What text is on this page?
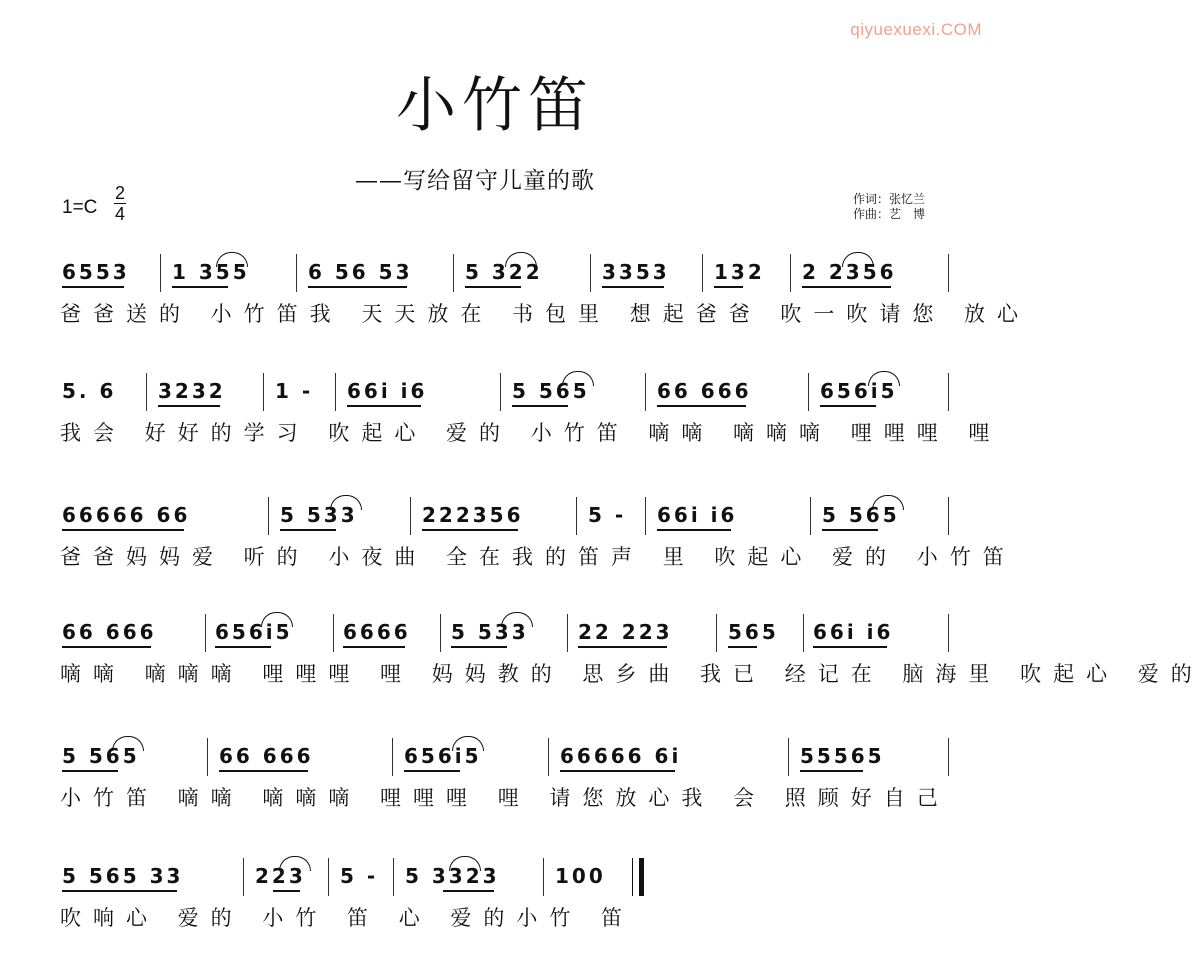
qiyuexuexi.COM
小竹笛
——写给留守儿童的歌
1=C
2
4
作词：张忆兰
作曲：艺　博
6553 1 355	6 56 53	5 322	3353 132 2 2356
爸爸送的 小竹笛我 天天放在 书包里 想起爸爸 吹一吹请您 放心
5. 6 3232 1 - 66i i6	5 565	66 666	656i5
我会 好好的学习 吹起心 爱的 小竹笛 嘀嘀 嘀嘀嘀 哩哩哩 哩
66666 66	5 533	222356	5 - 66i i6	5 565
爸爸妈妈爱 听的 小夜曲 全在我的笛声 里 吹起心 爱的 小竹笛
66 666	656i5	6666 5 533 22 223	565 66i i6
嘀嘀 嘀嘀嘀 哩哩哩 哩 妈妈教的 思乡曲 我已 经记在 脑海里 吹起心 爱的
5 565	66 666	656i5	66666 6i	55565
小竹笛 嘀嘀 嘀嘀嘀 哩哩哩 哩 请您放心我 会 照顾好自己
5 565 33	223 5 - 5 3323	100
吹响心 爱的 小竹 笛 心 爱的小竹 笛
